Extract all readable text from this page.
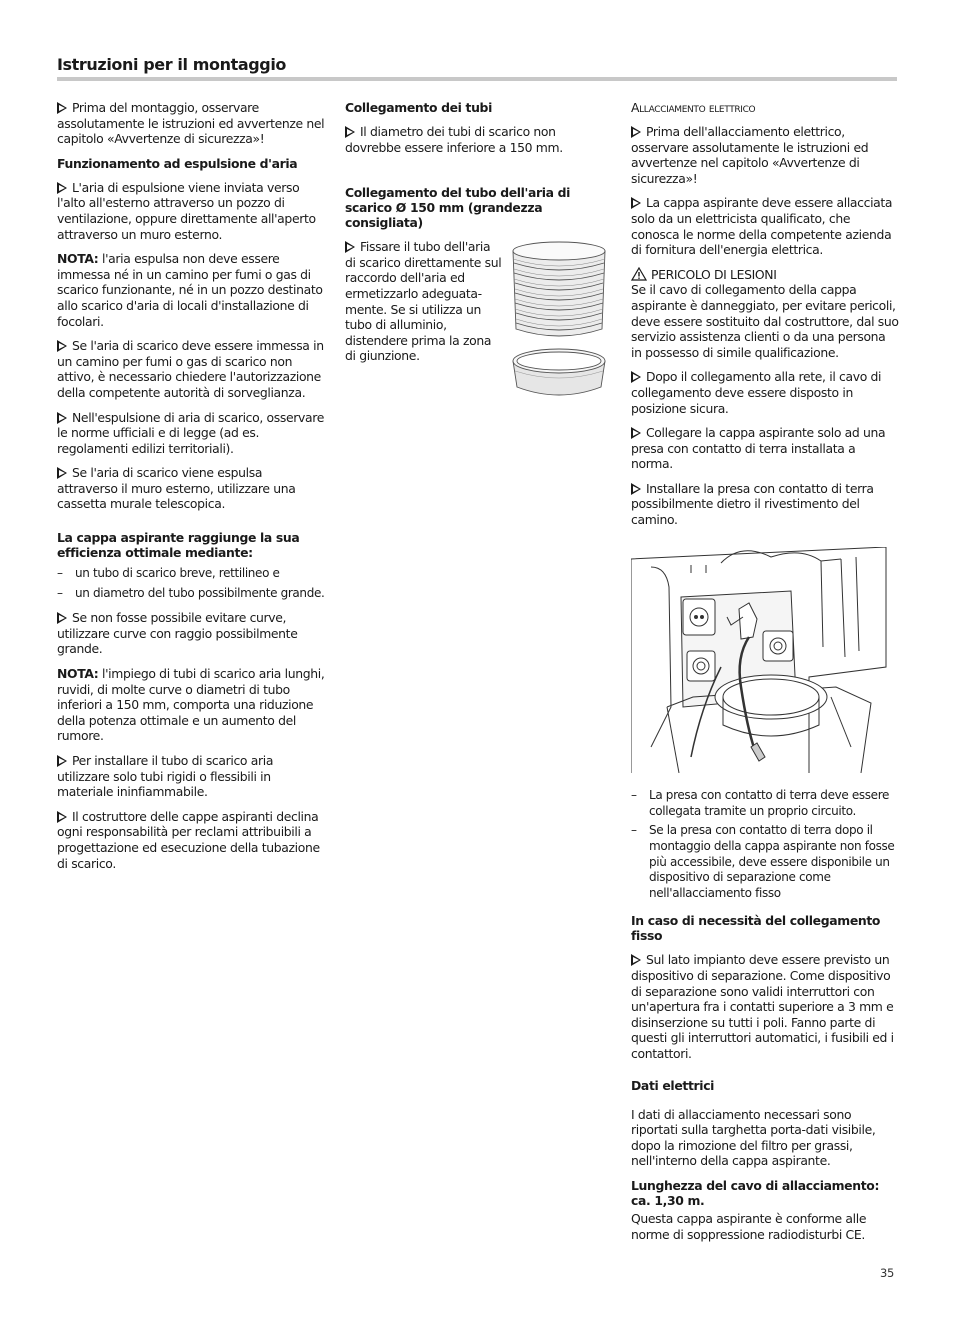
Istruzioni per il montaggio

Prima del montaggio, osservare assolutamente le istruzioni ed avvertenze nel capitolo «Avvertenze di sicurezza»!

Funzionamento ad espulsione d'aria

L'aria di espulsione viene inviata verso l'alto all'esterno attraverso un pozzo di ventilazione, oppure direttamente all'aperto attraverso un muro esterno.

NOTA: l'aria espulsa non deve essere immessa né in un camino per fumi o gas di scarico funzionante, né in un pozzo destinato allo scarico d'aria di locali d'installazione di focolari.

Se l'aria di scarico deve essere immessa in un camino per fumi o gas di scarico non attivo, è necessario chiedere l'autorizzazione della competente autorità di sorveglianza.

Nell'espulsione di aria di scarico, osservare le norme ufficiali e di legge (ad es. regolamenti edilizi territoriali).

Se l'aria di scarico viene espulsa attraverso il muro esterno, utilizzare una cassetta murale telescopica.

La cappa aspirante raggiunge la sua efficienza ottimale mediante:
– un tubo di scarico breve, rettilineo e
– un diametro del tubo possibilmente grande.

Se non fosse possibile evitare curve, utilizzare curve con raggio possibilmente grande.

NOTA: l'impiego di tubi di scarico aria lunghi, ruvidi, di molte curve o diametri di tubo inferiori a 150 mm, comporta una riduzione della potenza ottimale e un aumento del rumore.

Per installare il tubo di scarico aria utilizzare solo tubi rigidi o flessibili in materiale ininfiammabile.

Il costruttore delle cappe aspiranti declina ogni responsabilità per reclami attribuibili a progettazione ed esecuzione della tubazione di scarico.

Collegamento dei tubi

Il diametro dei tubi di scarico non dovrebbe essere inferiore a 150 mm.

Collegamento del tubo dell'aria di scarico Ø 150 mm (grandezza consigliata)

Fissare il tubo dell'aria di scarico direttamente sul raccordo dell'aria ed ermetizzarlo adeguata-mente. Se si utilizza un tubo di alluminio, distendere prima la zona di giunzione.

Allacciamento elettrico

Prima dell'allacciamento elettrico, osservare assolutamente le istruzioni ed avvertenze nel capitolo «Avvertenze di sicurezza»!

La cappa aspirante deve essere allacciata solo da un elettricista qualificato, che conosca le norme della competente azienda di fornitura dell'energia elettrica.

PERICOLO DI LESIONI
Se il cavo di collegamento della cappa aspirante è danneggiato, per evitare pericoli, deve essere sostituito dal costruttore, dal suo servizio assistenza clienti o da una persona in possesso di simile qualificazione.

Dopo il collegamento alla rete, il cavo di collegamento deve essere disposto in posizione sicura.

Collegare la cappa aspirante solo ad una presa con contatto di terra installata a norma.

Installare la presa con contatto di terra possibilmente dietro il rivestimento del camino.

– La presa con contatto di terra deve essere collegata tramite un proprio circuito.
– Se la presa con contatto di terra dopo il montaggio della cappa aspirante non fosse più accessibile, deve essere disponibile un dispositivo di separazione come nell'allacciamento fisso
In caso di necessità del collegamento fisso

Sul lato impianto deve essere previsto un dispositivo di separazione. Come dispositivo di separazione sono validi interruttori con un'apertura fra i contatti superiore a 3 mm e disinserzione su tutti i poli. Fanno parte di questi gli interruttori automatici, i fusibili ed i contattori.

Dati elettrici

I dati di allacciamento necessari sono riportati sulla targhetta porta-dati visibile, dopo la rimozione del filtro per grassi, nell'interno della cappa aspirante.

Lunghezza del cavo di allacciamento: ca. 1,30 m.

Questa cappa aspirante è conforme alle norme di soppressione radiodisturbi CE.

35
